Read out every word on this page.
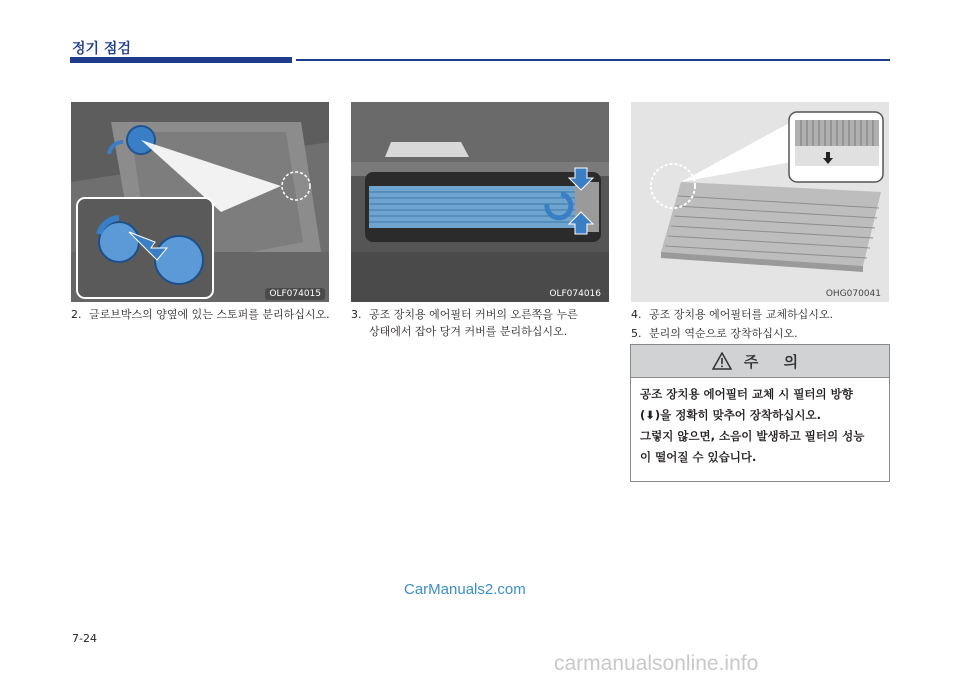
정기 점검
OLF074015	OLF074016	OHG070041
2. 글로브박스의 양옆에 있는 스토퍼를 분리하십시오.	3. 공조 장치용 에어필터 커버의 오른쪽을 누른
상태에서 잡아 당겨 커버를 분리하십시오.
4. 공조 장치용 에어필터를 교체하십시오.
5. 분리의 역순으로 장착하십시오.
주 의
공조 장치용 에어필터 교체 시 필터의 방향
(⬇)을 정확히 맞추어 장착하십시오.
그렇지 않으면, 소음이 발생하고 필터의 성능
이 떨어질 수 있습니다.
CarManuals2.com
7-24
carmanualsonline.info
